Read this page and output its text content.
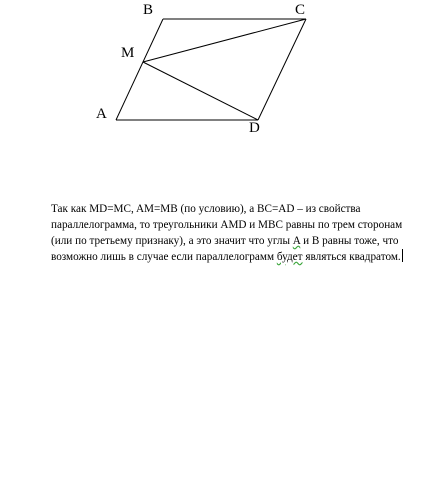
B	C
M
A
D
Так как MD=MC, AM=MB (по условию), а BC=AD – из свойства
параллелограмма, то треугольники AMD и MBC равны по трем сторонам
(или по третьему признаку), а это значит что углы A и B равны тоже, что
возможно лишь в случае если параллелограмм будет являться квадратом.
